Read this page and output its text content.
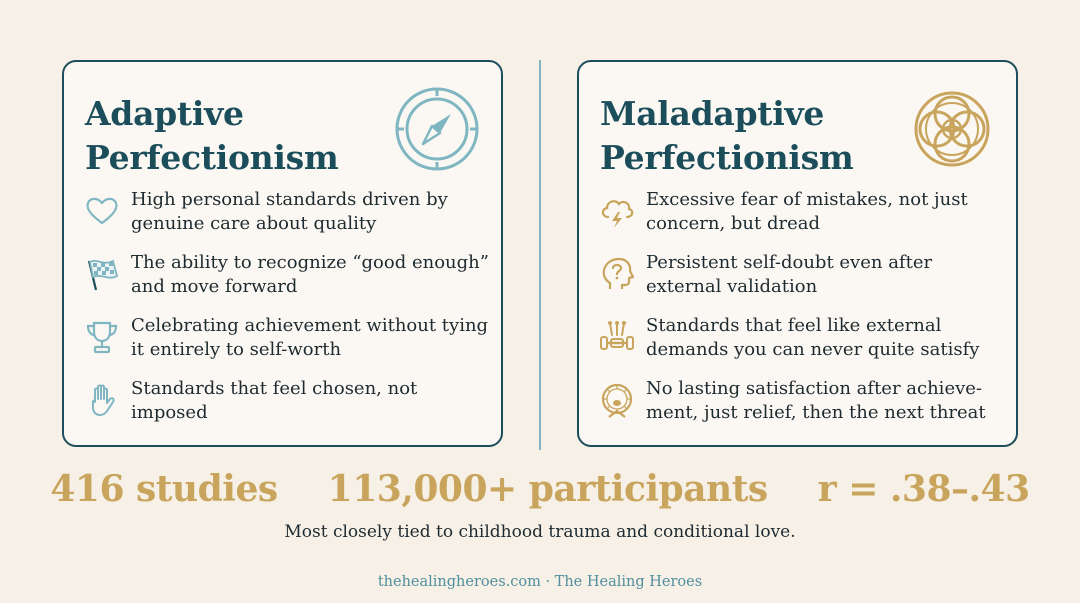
Adaptive
Perfectionism
High personal standards driven by genuine care about quality
The ability to recognize “good enough” and move forward
Celebrating achievement without tying it entirely to self-worth
Standards that feel chosen, not imposed
Maladaptive
Perfectionism
Excessive fear of mistakes, not just concern, but dread
Persistent self-doubt even after external validation
Standards that feel like external demands you can never quite satisfy
No lasting satisfaction after achieve-ment, just relief, then the next threat
416 studies 113,000+ participants r = .38–.43
Most closely tied to childhood trauma and conditional love.
thehealingheroes.com · The Healing Heroes
